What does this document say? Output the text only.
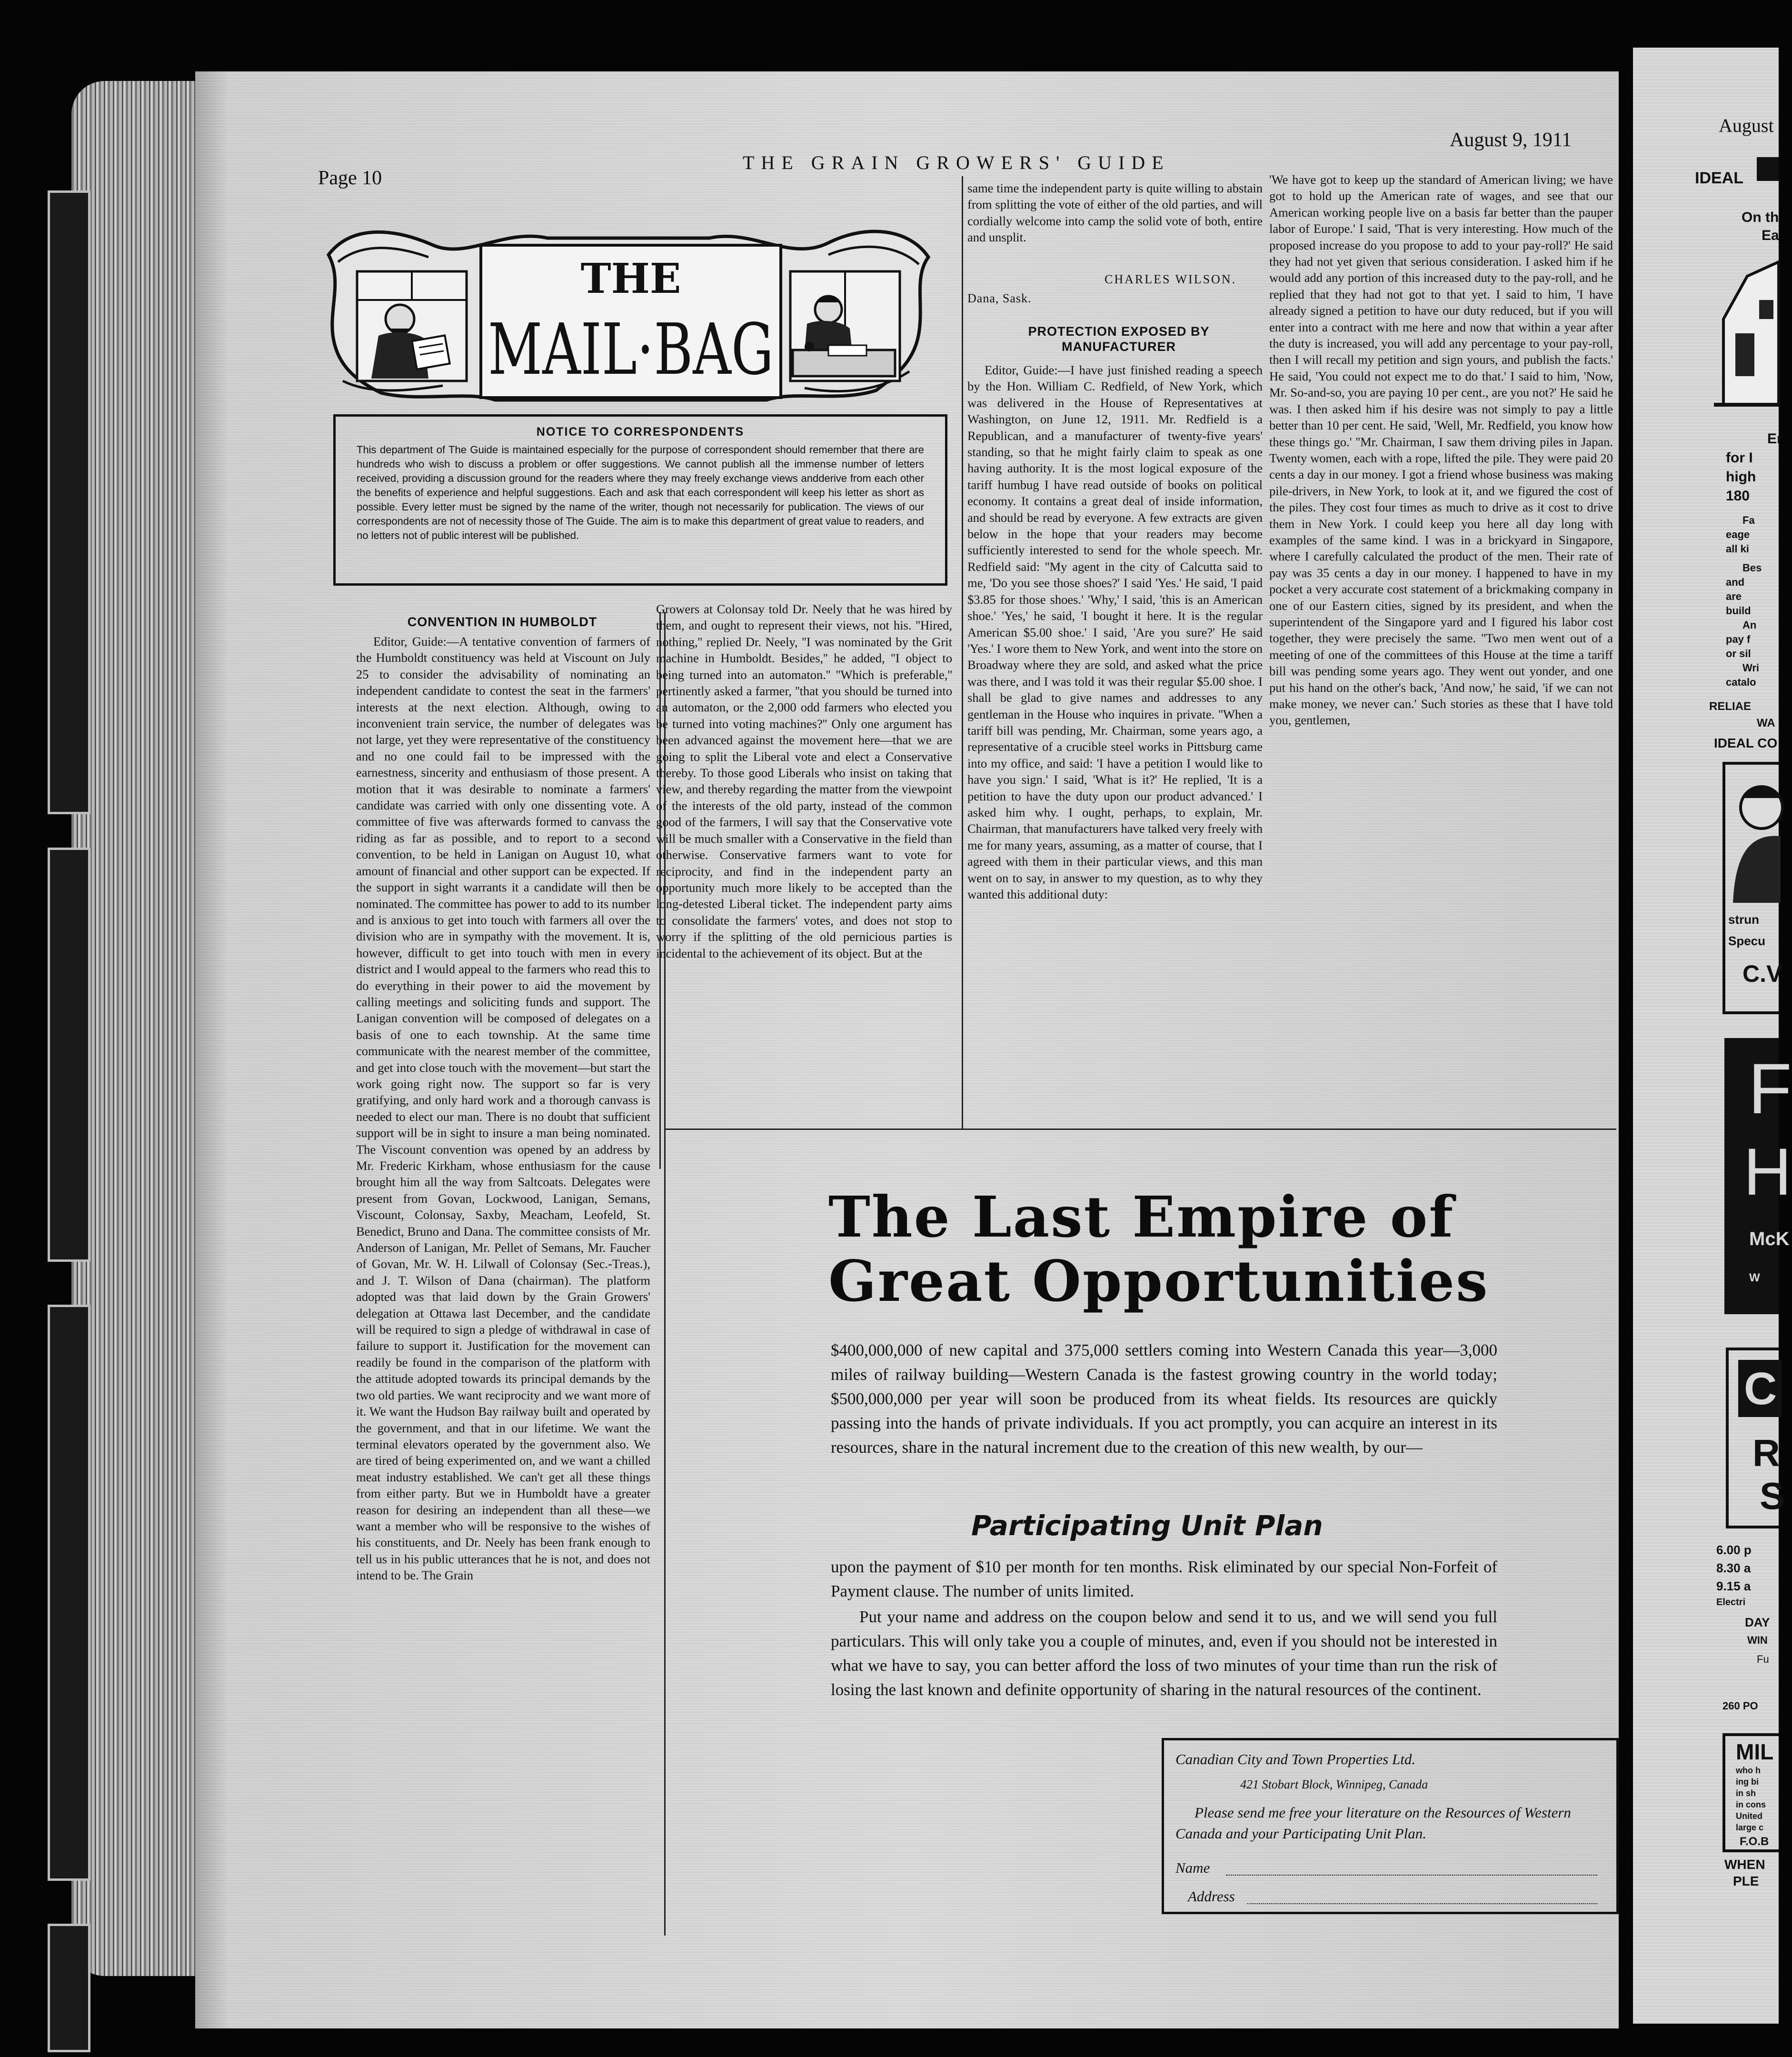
Page 10
THE GRAIN GROWERS' GUIDE
August 9, 1911
THE
MAIL·BAG
NOTICE TO CORRESPONDENTS
This department of The Guide is maintained especially for the purpose of correspondent should remember that there are hundreds who wish to discuss a problem or offer suggestions. We cannot publish all the immense number of letters received, providing a discussion ground for the readers where they may freely exchange views andderive from each other the benefits of experience and helpful suggestions. Each and ask that each correspondent will keep his letter as short as possible. Every letter must be signed by the name of the writer, though not necessarily for publication. The views of our correspondents are not of necessity those of The Guide. The aim is to make this department of great value to readers, and no letters not of public interest will be published.
CONVENTION IN HUMBOLDT

Editor, Guide:—A tentative convention of farmers of the Humboldt constituency was held at Viscount on July 25 to consider the advisability of nominating an independent candidate to contest the seat in the farmers' interests at the next election. Although, owing to inconvenient train service, the number of delegates was not large, yet they were representative of the constituency and no one could fail to be impressed with the earnestness, sincerity and enthusiasm of those present. A motion that it was desirable to nominate a farmers' candidate was carried with only one dissenting vote. A committee of five was afterwards formed to canvass the riding as far as possible, and to report to a second convention, to be held in Lanigan on August 10, what amount of financial and other support can be expected. If the support in sight warrants it a candidate will then be nominated. The committee has power to add to its number and is anxious to get into touch with farmers all over the division who are in sympathy with the movement. It is, however, difficult to get into touch with men in every district and I would appeal to the farmers who read this to do everything in their power to aid the movement by calling meetings and soliciting funds and support. The Lanigan convention will be composed of delegates on a basis of one to each township. At the same time communicate with the nearest member of the committee, and get into close touch with the movement—but start the work going right now. The support so far is very gratifying, and only hard work and a thorough canvass is needed to elect our man. There is no doubt that sufficient support will be in sight to insure a man being nominated. The Viscount convention was opened by an address by Mr. Frederic Kirkham, whose enthusiasm for the cause brought him all the way from Saltcoats. Delegates were present from Govan, Lockwood, Lanigan, Semans, Viscount, Colonsay, Saxby, Meacham, Leofeld, St. Benedict, Bruno and Dana. The committee consists of Mr. Anderson of Lanigan, Mr. Pellet of Semans, Mr. Faucher of Govan, Mr. W. H. Lilwall of Colonsay (Sec.-Treas.), and J. T. Wilson of Dana (chairman). The platform adopted was that laid down by the Grain Growers' delegation at Ottawa last December, and the candidate will be required to sign a pledge of withdrawal in case of failure to support it. Justification for the movement can readily be found in the comparison of the platform with the attitude adopted towards its principal demands by the two old parties. We want reciprocity and we want more of it. We want the Hudson Bay railway built and operated by the government, and that in our lifetime. We want the terminal elevators operated by the government also. We are tired of being experimented on, and we want a chilled meat industry established. We can't get all these things from either party. But we in Humboldt have a greater reason for desiring an independent than all these—we want a member who will be responsive to the wishes of his constituents, and Dr. Neely has been frank enough to tell us in his public utterances that he is not, and does not intend to be. The Grain

Growers at Colonsay told Dr. Neely that he was hired by them, and ought to represent their views, not his. ''Hired, nothing,'' replied Dr. Neely, ''I was nominated by the Grit machine in Humboldt. Besides,'' he added, ''I object to being turned into an automaton.'' ''Which is preferable,'' pertinently asked a farmer, ''that you should be turned into an automaton, or the 2,000 odd farmers who elected you be turned into voting machines?'' Only one argument has been advanced against the movement here—that we are going to split the Liberal vote and elect a Conservative thereby. To those good Liberals who insist on taking that view, and thereby regarding the matter from the viewpoint of the interests of the old party, instead of the common good of the farmers, I will say that the Conservative vote will be much smaller with a Conservative in the field than otherwise. Conservative farmers want to vote for reciprocity, and find in the independent party an opportunity much more likely to be accepted than the long-detested Liberal ticket. The independent party aims to consolidate the farmers' votes, and does not stop to worry if the splitting of the old pernicious parties is incidental to the achievement of its object. But at the

same time the independent party is quite willing to abstain from splitting the vote of either of the old parties, and will cordially welcome into camp the solid vote of both, entire and unsplit.

CHARLES WILSON.
Dana, Sask.
PROTECTION EXPOSED BY MANUFACTURER

Editor, Guide:—I have just finished reading a speech by the Hon. William C. Redfield, of New York, which was delivered in the House of Representatives at Washington, on June 12, 1911. Mr. Redfield is a Republican, and a manufacturer of twenty-five years' standing, so that he might fairly claim to speak as one having authority. It is the most logical exposure of the tariff humbug I have read outside of books on political economy. It contains a great deal of inside information, and should be read by everyone. A few extracts are given below in the hope that your readers may become sufficiently interested to send for the whole speech. Mr. Redfield said: ''My agent in the city of Calcutta said to me, 'Do you see those shoes?' I said 'Yes.' He said, 'I paid $3.85 for those shoes.' 'Why,' I said, 'this is an American shoe.' 'Yes,' he said, 'I bought it here. It is the regular American $5.00 shoe.' I said, 'Are you sure?' He said 'Yes.' I wore them to New York, and went into the store on Broadway where they are sold, and asked what the price was there, and I was told it was their regular $5.00 shoe. I shall be glad to give names and addresses to any gentleman in the House who inquires in private. ''When a tariff bill was pending, Mr. Chairman, some years ago, a representative of a crucible steel works in Pittsburg came into my office, and said: 'I have a petition I would like to have you sign.' I said, 'What is it?' He replied, 'It is a petition to have the duty upon our product advanced.' I asked him why. I ought, perhaps, to explain, Mr. Chairman, that manufacturers have talked very freely with me for many years, assuming, as a matter of course, that I agreed with them in their particular views, and this man went on to say, in answer to my question, as to why they wanted this additional duty:

'We have got to keep up the standard of American living; we have got to hold up the American rate of wages, and see that our American working people live on a basis far better than the pauper labor of Europe.' I said, 'That is very interesting. How much of the proposed increase do you propose to add to your pay-roll?' He said they had not yet given that serious consideration. I asked him if he would add any portion of this increased duty to the pay-roll, and he replied that they had not got to that yet. I said to him, 'I have already signed a petition to have our duty reduced, but if you will enter into a contract with me here and now that within a year after the duty is increased, you will add any percentage to your pay-roll, then I will recall my petition and sign yours, and publish the facts.' He said, 'You could not expect me to do that.' I said to him, 'Now, Mr. So-and-so, you are paying 10 per cent., are you not?' He said he was. I then asked him if his desire was not simply to pay a little better than 10 per cent. He said, 'Well, Mr. Redfield, you know how these things go.' ''Mr. Chairman, I saw them driving piles in Japan. Twenty women, each with a rope, lifted the pile. They were paid 20 cents a day in our money. I got a friend whose business was making pile-drivers, in New York, to look at it, and we figured the cost of the piles. They cost four times as much to drive as it cost to drive them in New York. I could keep you here all day long with examples of the same kind. I was in a brickyard in Singapore, where I carefully calculated the product of the men. Their rate of pay was 35 cents a day in our money. I happened to have in my pocket a very accurate cost statement of a brickmaking company in one of our Eastern cities, signed by its president, and when the superintendent of the Singapore yard and I figured his labor cost together, they were precisely the same. ''Two men went out of a meeting of one of the committees of this House at the time a tariff bill was pending some years ago. They went out yonder, and one put his hand on the other's back, 'And now,' he said, 'if we can not make money, we never can.' Such stories as these that I have told you, gentlemen,

The Last Empire of
Great Opportunities
$400,000,000 of new capital and 375,000 settlers coming into Western Canada this year—3,000 miles of railway building—Western Canada is the fastest growing country in the world today; $500,000,000 per year will soon be produced from its wheat fields. Its resources are quickly passing into the hands of private individuals. If you act promptly, you can acquire an interest in its resources, share in the natural increment due to the creation of this new wealth, by our—
Participating Unit Plan
upon the payment of $10 per month for ten months. Risk eliminated by our special Non-Forfeit of Payment clause. The number of units limited.
Put your name and address on the coupon below and send it to us, and we will send you full particulars. This will only take you a couple of minutes, and, even if you should not be interested in what we have to say, you can better afford the loss of two minutes of your time than run the risk of losing the last known and definite opportunity of sharing in the natural resources of the continent.
Canadian City and Town Properties Ltd.
421 Stobart Block, Winnipeg, Canada
Please send me free your literature on the Resources of Western Canada and your Participating Unit Plan.
Name
Address
August
IDEAL
On th
Ea
Er
for I
high
180
Fa
eage
all ki
Bes
and
are
build
An
pay f
or sil
Wri
catalo
RELIAE
WA
IDEAL CO
strun
Specu
C.V
F
H
McK
W
C
R
S
6.00 p
8.30 a
9.15 a
Electri
DAY
WIN
Fu
260 PO
MIL
who h
ing bi
in sh
in cons
United
large c
F.O.B
WHEN
PLE
